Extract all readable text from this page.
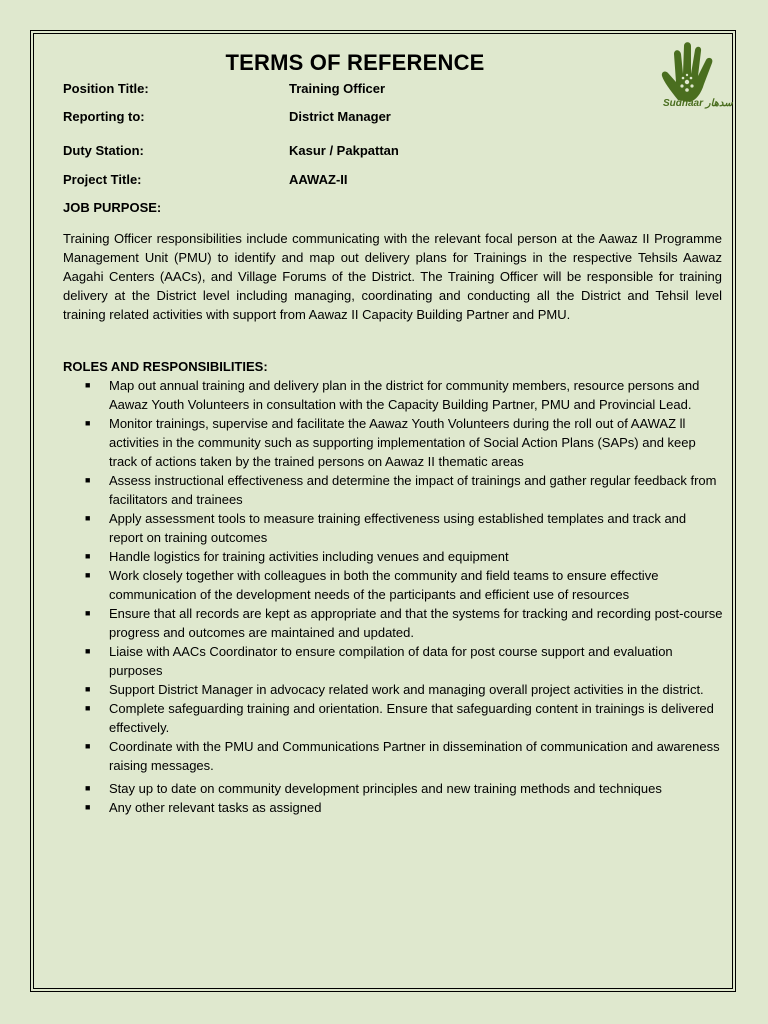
TERMS OF REFERENCE
Sudhaar سدھار
Position Title:	Training Officer
Reporting to:	District Manager
Duty Station:	Kasur / Pakpattan
Project Title:	AAWAZ-II
JOB PURPOSE:
Training Officer responsibilities include communicating with the relevant focal person at the Aawaz II Programme Management Unit (PMU) to identify and map out delivery plans for Trainings in the respective Tehsils Aawaz Aagahi Centers (AACs), and Village Forums of the District. The Training Officer will be responsible for training delivery at the District level including managing, coordinating and conducting all the District and Tehsil level training related activities with support from Aawaz II Capacity Building Partner and PMU.
ROLES AND RESPONSIBILITIES:
■ Map out annual training and delivery plan in the district for community members, resource persons and Aawaz Youth Volunteers in consultation with the Capacity Building Partner, PMU and Provincial Lead.
■ Monitor trainings, supervise and facilitate the Aawaz Youth Volunteers during the roll out of AAWAZ ll activities in the community such as supporting implementation of Social Action Plans (SAPs) and keep track of actions taken by the trained persons on Aawaz II thematic areas
■ Assess instructional effectiveness and determine the impact of trainings and gather regular feedback from facilitators and trainees
■ Apply assessment tools to measure training effectiveness using established templates and track and report on training outcomes
■ Handle logistics for training activities including venues and equipment
■ Work closely together with colleagues in both the community and field teams to ensure effective communication of the development needs of the participants and efficient use of resources
■ Ensure that all records are kept as appropriate and that the systems for tracking and recording post-course progress and outcomes are maintained and updated.
■ Liaise with AACs Coordinator to ensure compilation of data for post course support and evaluation purposes
■ Support District Manager in advocacy related work and managing overall project activities in the district.
■ Complete safeguarding training and orientation. Ensure that safeguarding content in trainings is delivered effectively.
■ Coordinate with the PMU and Communications Partner in dissemination of communication and awareness raising messages.
■ Stay up to date on community development principles and new training methods and techniques
■ Any other relevant tasks as assigned
